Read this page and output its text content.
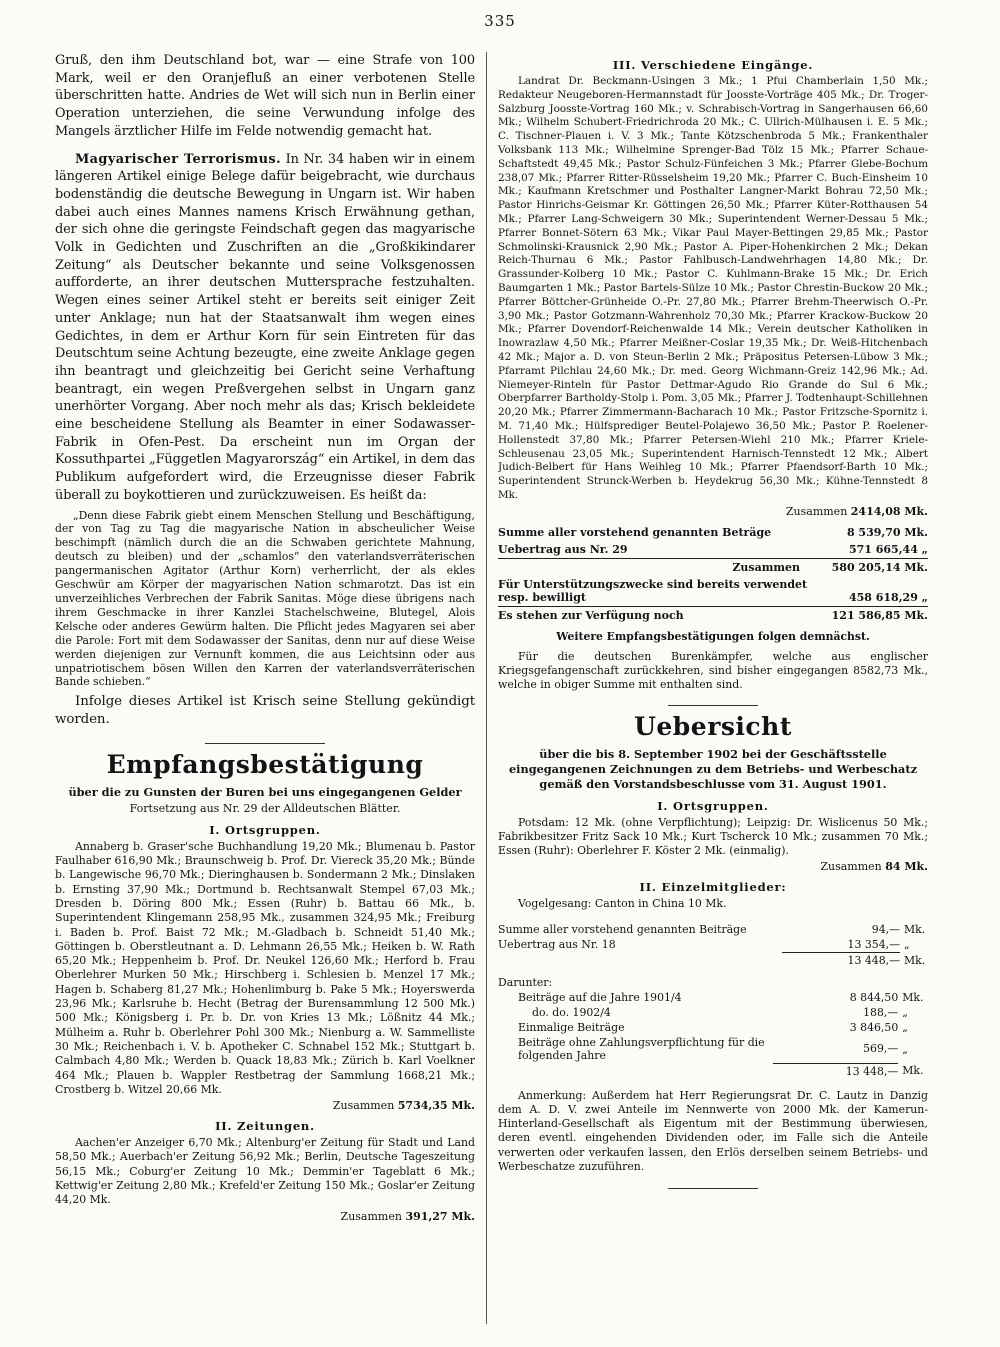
335

Gruß, den ihm Deutschland bot, war — eine Strafe von 100 Mark, weil er den Oranjefluß an einer verbotenen Stelle überschritten hatte. Andries de Wet will sich nun in Berlin einer Operation unterziehen, die seine Verwundung infolge des Mangels ärztlicher Hilfe im Felde notwendig gemacht hat.

Magyarischer Terrorismus. In Nr. 34 haben wir in einem längeren Artikel einige Belege dafür beigebracht, wie durchaus bodenständig die deutsche Bewegung in Ungarn ist. Wir haben dabei auch eines Mannes namens Krisch Erwähnung gethan, der sich ohne die geringste Feindschaft gegen das magyarische Volk in Gedichten und Zuschriften an die „Großkikindarer Zeitung“ als Deutscher bekannte und seine Volksgenossen aufforderte, an ihrer deutschen Muttersprache festzuhalten. Wegen eines seiner Artikel steht er bereits seit einiger Zeit unter Anklage; nun hat der Staatsanwalt ihm wegen eines Gedichtes, in dem er Arthur Korn für sein Eintreten für das Deutschtum seine Achtung bezeugte, eine zweite Anklage gegen ihn beantragt und gleichzeitig bei Gericht seine Verhaftung beantragt, ein wegen Preßvergehen selbst in Ungarn ganz unerhörter Vorgang. Aber noch mehr als das; Krisch bekleidete eine bescheidene Stellung als Beamter in einer Sodawasser-Fabrik in Ofen-Pest. Da erscheint nun im Organ der Kossuthpartei „Független Magyarország“ ein Artikel, in dem das Publikum aufgefordert wird, die Erzeugnisse dieser Fabrik überall zu boykottieren und zurückzuweisen. Es heißt da:

„Denn diese Fabrik giebt einem Menschen Stellung und Beschäftigung, der von Tag zu Tag die magyarische Nation in abscheulicher Weise beschimpft (nämlich durch die an die Schwaben gerichtete Mahnung, deutsch zu bleiben) und der „schamlos“ den vaterlandsverräterischen pangermanischen Agitator (Arthur Korn) verherrlicht, der als ekles Geschwür am Körper der magyarischen Nation schmarotzt. Das ist ein unverzeihliches Verbrechen der Fabrik Sanitas. Möge diese übrigens nach ihrem Geschmacke in ihrer Kanzlei Stachelschweine, Blutegel, Alois Kelsche oder anderes Gewürm halten. Die Pflicht jedes Magyaren sei aber die Parole: Fort mit dem Sodawasser der Sanitas, denn nur auf diese Weise werden diejenigen zur Vernunft kommen, die aus Leichtsinn oder aus unpatriotischem bösen Willen den Karren der vaterlandsverräterischen Bande schieben.“

Infolge dieses Artikel ist Krisch seine Stellung gekündigt worden.

Empfangsbestätigung
über die zu Gunsten der Buren bei uns eingegangenen Gelder
Fortsetzung aus Nr. 29 der Alldeutschen Blätter.
I. Ortsgruppen.

Annaberg b. Graser'sche Buchhandlung 19,20 Mk.; Blumenau b. Pastor Faulhaber 616,90 Mk.; Braunschweig b. Prof. Dr. Viereck 35,20 Mk.; Bünde b. Langewische 96,70 Mk.; Dieringhausen b. Sondermann 2 Mk.; Dinslaken b. Ernsting 37,90 Mk.; Dortmund b. Rechtsanwalt Stempel 67,03 Mk.; Dresden b. Döring 800 Mk.; Essen (Ruhr) b. Battau 66 Mk., b. Superintendent Klingemann 258,95 Mk., zusammen 324,95 Mk.; Freiburg i. Baden b. Prof. Baist 72 Mk.; M.-Gladbach b. Schneidt 51,40 Mk.; Göttingen b. Oberstleutnant a. D. Lehmann 26,55 Mk.; Heiken b. W. Rath 65,20 Mk.; Heppenheim b. Prof. Dr. Neukel 126,60 Mk.; Herford b. Frau Oberlehrer Murken 50 Mk.; Hirschberg i. Schlesien b. Menzel 17 Mk.; Hagen b. Schaberg 81,27 Mk.; Hohenlimburg b. Pake 5 Mk.; Hoyerswerda 23,96 Mk.; Karlsruhe b. Hecht (Betrag der Burensammlung 12 500 Mk.) 500 Mk.; Königsberg i. Pr. b. Dr. von Kries 13 Mk.; Lößnitz 44 Mk.; Mülheim a. Ruhr b. Oberlehrer Pohl 300 Mk.; Nienburg a. W. Sammelliste 30 Mk.; Reichenbach i. V. b. Apotheker C. Schnabel 152 Mk.; Stuttgart b. Calmbach 4,80 Mk.; Werden b. Quack 18,83 Mk.; Zürich b. Karl Voelkner 464 Mk.; Plauen b. Wappler Restbetrag der Sammlung 1668,21 Mk.; Crostberg b. Witzel 20,66 Mk.

Zusammen 5734,35 Mk.
II. Zeitungen.

Aachen'er Anzeiger 6,70 Mk.; Altenburg'er Zeitung für Stadt und Land 58,50 Mk.; Auerbach'er Zeitung 56,92 Mk.; Berlin, Deutsche Tageszeitung 56,15 Mk.; Coburg'er Zeitung 10 Mk.; Demmin'er Tageblatt 6 Mk.; Kettwig'er Zeitung 2,80 Mk.; Krefeld'er Zeitung 150 Mk.; Goslar'er Zeitung 44,20 Mk.

Zusammen 391,27 Mk.
III. Verschiedene Eingänge.

Landrat Dr. Beckmann-Usingen 3 Mk.; 1 Pfui Chamberlain 1,50 Mk.; Redakteur Neugeboren-Hermannstadt für Joosste-Vorträge 405 Mk.; Dr. Troger-Salzburg Joosste-Vortrag 160 Mk.; v. Schrabisch-Vortrag in Sangerhausen 66,60 Mk.; Wilhelm Schubert-Friedrichroda 20 Mk.; C. Ullrich-Mülhausen i. E. 5 Mk.; C. Tischner-Plauen i. V. 3 Mk.; Tante Kötzschenbroda 5 Mk.; Frankenthaler Volksbank 113 Mk.; Wilhelmine Sprenger-Bad Tölz 15 Mk.; Pfarrer Schaue-Schaftstedt 49,45 Mk.; Pastor Schulz-Fünfeichen 3 Mk.; Pfarrer Glebe-Bochum 238,07 Mk.; Pfarrer Ritter-Rüsselsheim 19,20 Mk.; Pfarrer C. Buch-Einsheim 10 Mk.; Kaufmann Kretschmer und Posthalter Langner-Markt Bohrau 72,50 Mk.; Pastor Hinrichs-Geismar Kr. Göttingen 26,50 Mk.; Pfarrer Küter-Rotthausen 54 Mk.; Pfarrer Lang-Schweigern 30 Mk.; Superintendent Werner-Dessau 5 Mk.; Pfarrer Bonnet-Sötern 63 Mk.; Vikar Paul Mayer-Bettingen 29,85 Mk.; Pastor Schmolinski-Krausnick 2,90 Mk.; Pastor A. Piper-Hohenkirchen 2 Mk.; Dekan Reich-Thurnau 6 Mk.; Pastor Fahlbusch-Landwehrhagen 14,80 Mk.; Dr. Grassunder-Kolberg 10 Mk.; Pastor C. Kuhlmann-Brake 15 Mk.; Dr. Erich Baumgarten 1 Mk.; Pastor Bartels-Sülze 10 Mk.; Pastor Chrestin-Buckow 20 Mk.; Pfarrer Böttcher-Grünheide O.-Pr. 27,80 Mk.; Pfarrer Brehm-Theerwisch O.-Pr. 3,90 Mk.; Pastor Gotzmann-Wahrenholz 70,30 Mk.; Pfarrer Krackow-Buckow 20 Mk.; Pfarrer Dovendorf-Reichenwalde 14 Mk.; Verein deutscher Katholiken in Inowrazlaw 4,50 Mk.; Pfarrer Meißner-Coslar 19,35 Mk.; Dr. Weiß-Hitchenbach 42 Mk.; Major a. D. von Steun-Berlin 2 Mk.; Präpositus Petersen-Lübow 3 Mk.; Pfarramt Pilchlau 24,60 Mk.; Dr. med. Georg Wichmann-Greiz 142,96 Mk.; Ad. Niemeyer-Rinteln für Pastor Dettmar-Agudo Rio Grande do Sul 6 Mk.; Oberpfarrer Bartholdy-Stolp i. Pom. 3,05 Mk.; Pfarrer J. Todtenhaupt-Schillehnen 20,20 Mk.; Pfarrer Zimmermann-Bacharach 10 Mk.; Pastor Fritzsche-Spornitz i. M. 71,40 Mk.; Hülfsprediger Beutel-Polajewo 36,50 Mk.; Pastor P. Roelener-Hollenstedt 37,80 Mk.; Pfarrer Petersen-Wiehl 210 Mk.; Pfarrer Kriele-Schleusenau 23,05 Mk.; Superintendent Harnisch-Tennstedt 12 Mk.; Albert Judich-Belbert für Hans Weihleg 10 Mk.; Pfarrer Pfaendsorf-Barth 10 Mk.; Superintendent Strunck-Werben b. Heydekrug 56,30 Mk.; Kühne-Tennstedt 8 Mk.

Zusammen 2414,08 Mk.
Summe aller vorstehend genannten Beträge	8 539,70 Mk.
Uebertrag aus Nr. 29	571 665,44 „
Zusammen	580 205,14 Mk.
Für Unterstützungszwecke sind bereits verwendet resp. bewilligt	458 618,29 „
Es stehen zur Verfügung noch	121 586,85 Mk.
Weitere Empfangsbestätigungen folgen demnächst.

Für die deutschen Burenkämpfer, welche aus englischer Kriegsgefangenschaft zurückkehren, sind bisher eingegangen 8582,73 Mk., welche in obiger Summe mit enthalten sind.

Uebersicht
über die bis 8. September 1902 bei der Geschäftsstelle eingegangenen Zeichnungen zu dem Betriebs- und Werbeschatz gemäß den Vorstandsbeschlusse vom 31. August 1901.
I. Ortsgruppen.

Potsdam: 12 Mk. (ohne Verpflichtung); Leipzig: Dr. Wislicenus 50 Mk.; Fabrikbesitzer Fritz Sack 10 Mk.; Kurt Tscherck 10 Mk.; zusammen 70 Mk.; Essen (Ruhr): Oberlehrer F. Köster 2 Mk. (einmalig).

Zusammen 84 Mk.
II. Einzelmitglieder:

Vogelgesang: Canton in China 10 Mk.

Summe aller vorstehend genannten Beiträge	94,—	Mk.
Uebertrag aus Nr. 18	13 354,—	„
	13 448,—	Mk.
Darunter:
Beiträge auf die Jahre 1901/4	8 844,50	Mk.
do. do. 1902/4	188,—	„
Einmalige Beiträge	3 846,50	„
Beiträge ohne Zahlungsverpflichtung für die folgenden Jahre	569,—	„
	13 448,—	Mk.

Anmerkung: Außerdem hat Herr Regierungsrat Dr. C. Lautz in Danzig dem A. D. V. zwei Anteile im Nennwerte von 2000 Mk. der Kamerun-Hinterland-Gesellschaft als Eigentum mit der Bestimmung überwiesen, deren eventl. eingehenden Dividenden oder, im Falle sich die Anteile verwerten oder verkaufen lassen, den Erlös derselben seinem Betriebs- und Werbeschatze zuzuführen.
